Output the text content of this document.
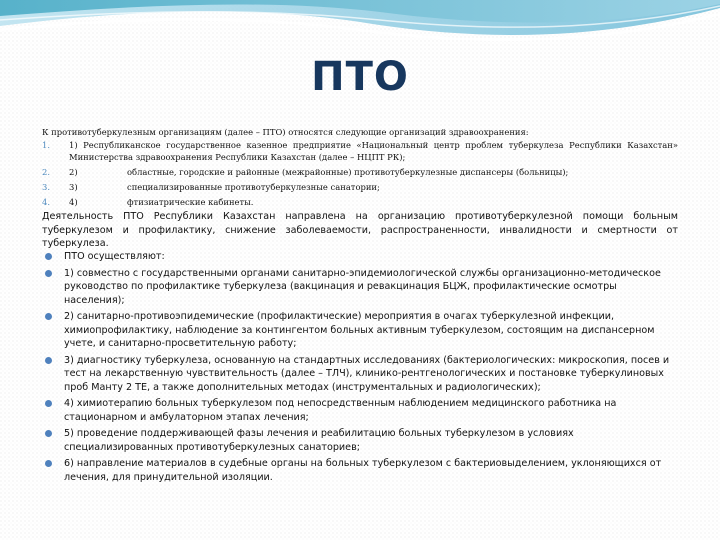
ПТО
К противотуберкулезным организациям (далее – ПТО) относятся следующие организаций здравоохранения:
1.	1) Республиканское государственное казенное предприятие «Национальный центр проблем туберкулеза Республики Казахстан» Министерства здравоохранения Республики Казахстан (далее – НЦПТ РК);
2.	2)	областные, городские и районные (межрайонные) противотуберкулезные диспансеры (больницы);
3.	3)	специализированные противотуберкулезные санатории;
4.	4)	фтизиатрические кабинеты.

Деятельность ПТО Республики Казахстан направлена на организацию противотуберкулезной помощи больным туберкулезом и профилактику, снижение заболеваемости, распространенности, инвалидности и смертности от туберкулеза.

ПТО осуществляют:
1) совместно с государственными органами санитарно-эпидемиологической службы организационно-методическое руководство по профилактике туберкулеза (вакцинация и ревакцинация БЦЖ, профилактические осмотры населения);
2) санитарно-противоэпидемические (профилактические) мероприятия в очагах туберкулезной инфекции, химиопрофилактику, наблюдение за контингентом больных активным туберкулезом, состоящим на диспансерном учете, и санитарно-просветительную работу;
3) диагностику туберкулеза, основанную на стандартных исследованиях (бактериологических: микроскопия, посев и тест на лекарственную чувствительность (далее – ТЛЧ), клинико-рентгенологических и постановке туберкулиновых проб Манту 2 ТЕ, а также дополнительных методах (инструментальных и радиологических);
4) химиотерапию больных туберкулезом под непосредственным наблюдением медицинского работника на стационарном и амбулаторном этапах лечения;
5) проведение поддерживающей фазы лечения и реабилитацию больных туберкулезом в условиях специализированных противотуберкулезных санаториев;
6) направление материалов в судебные органы на больных туберкулезом с бактериовыделением, уклоняющихся от лечения, для принудительной изоляции.
